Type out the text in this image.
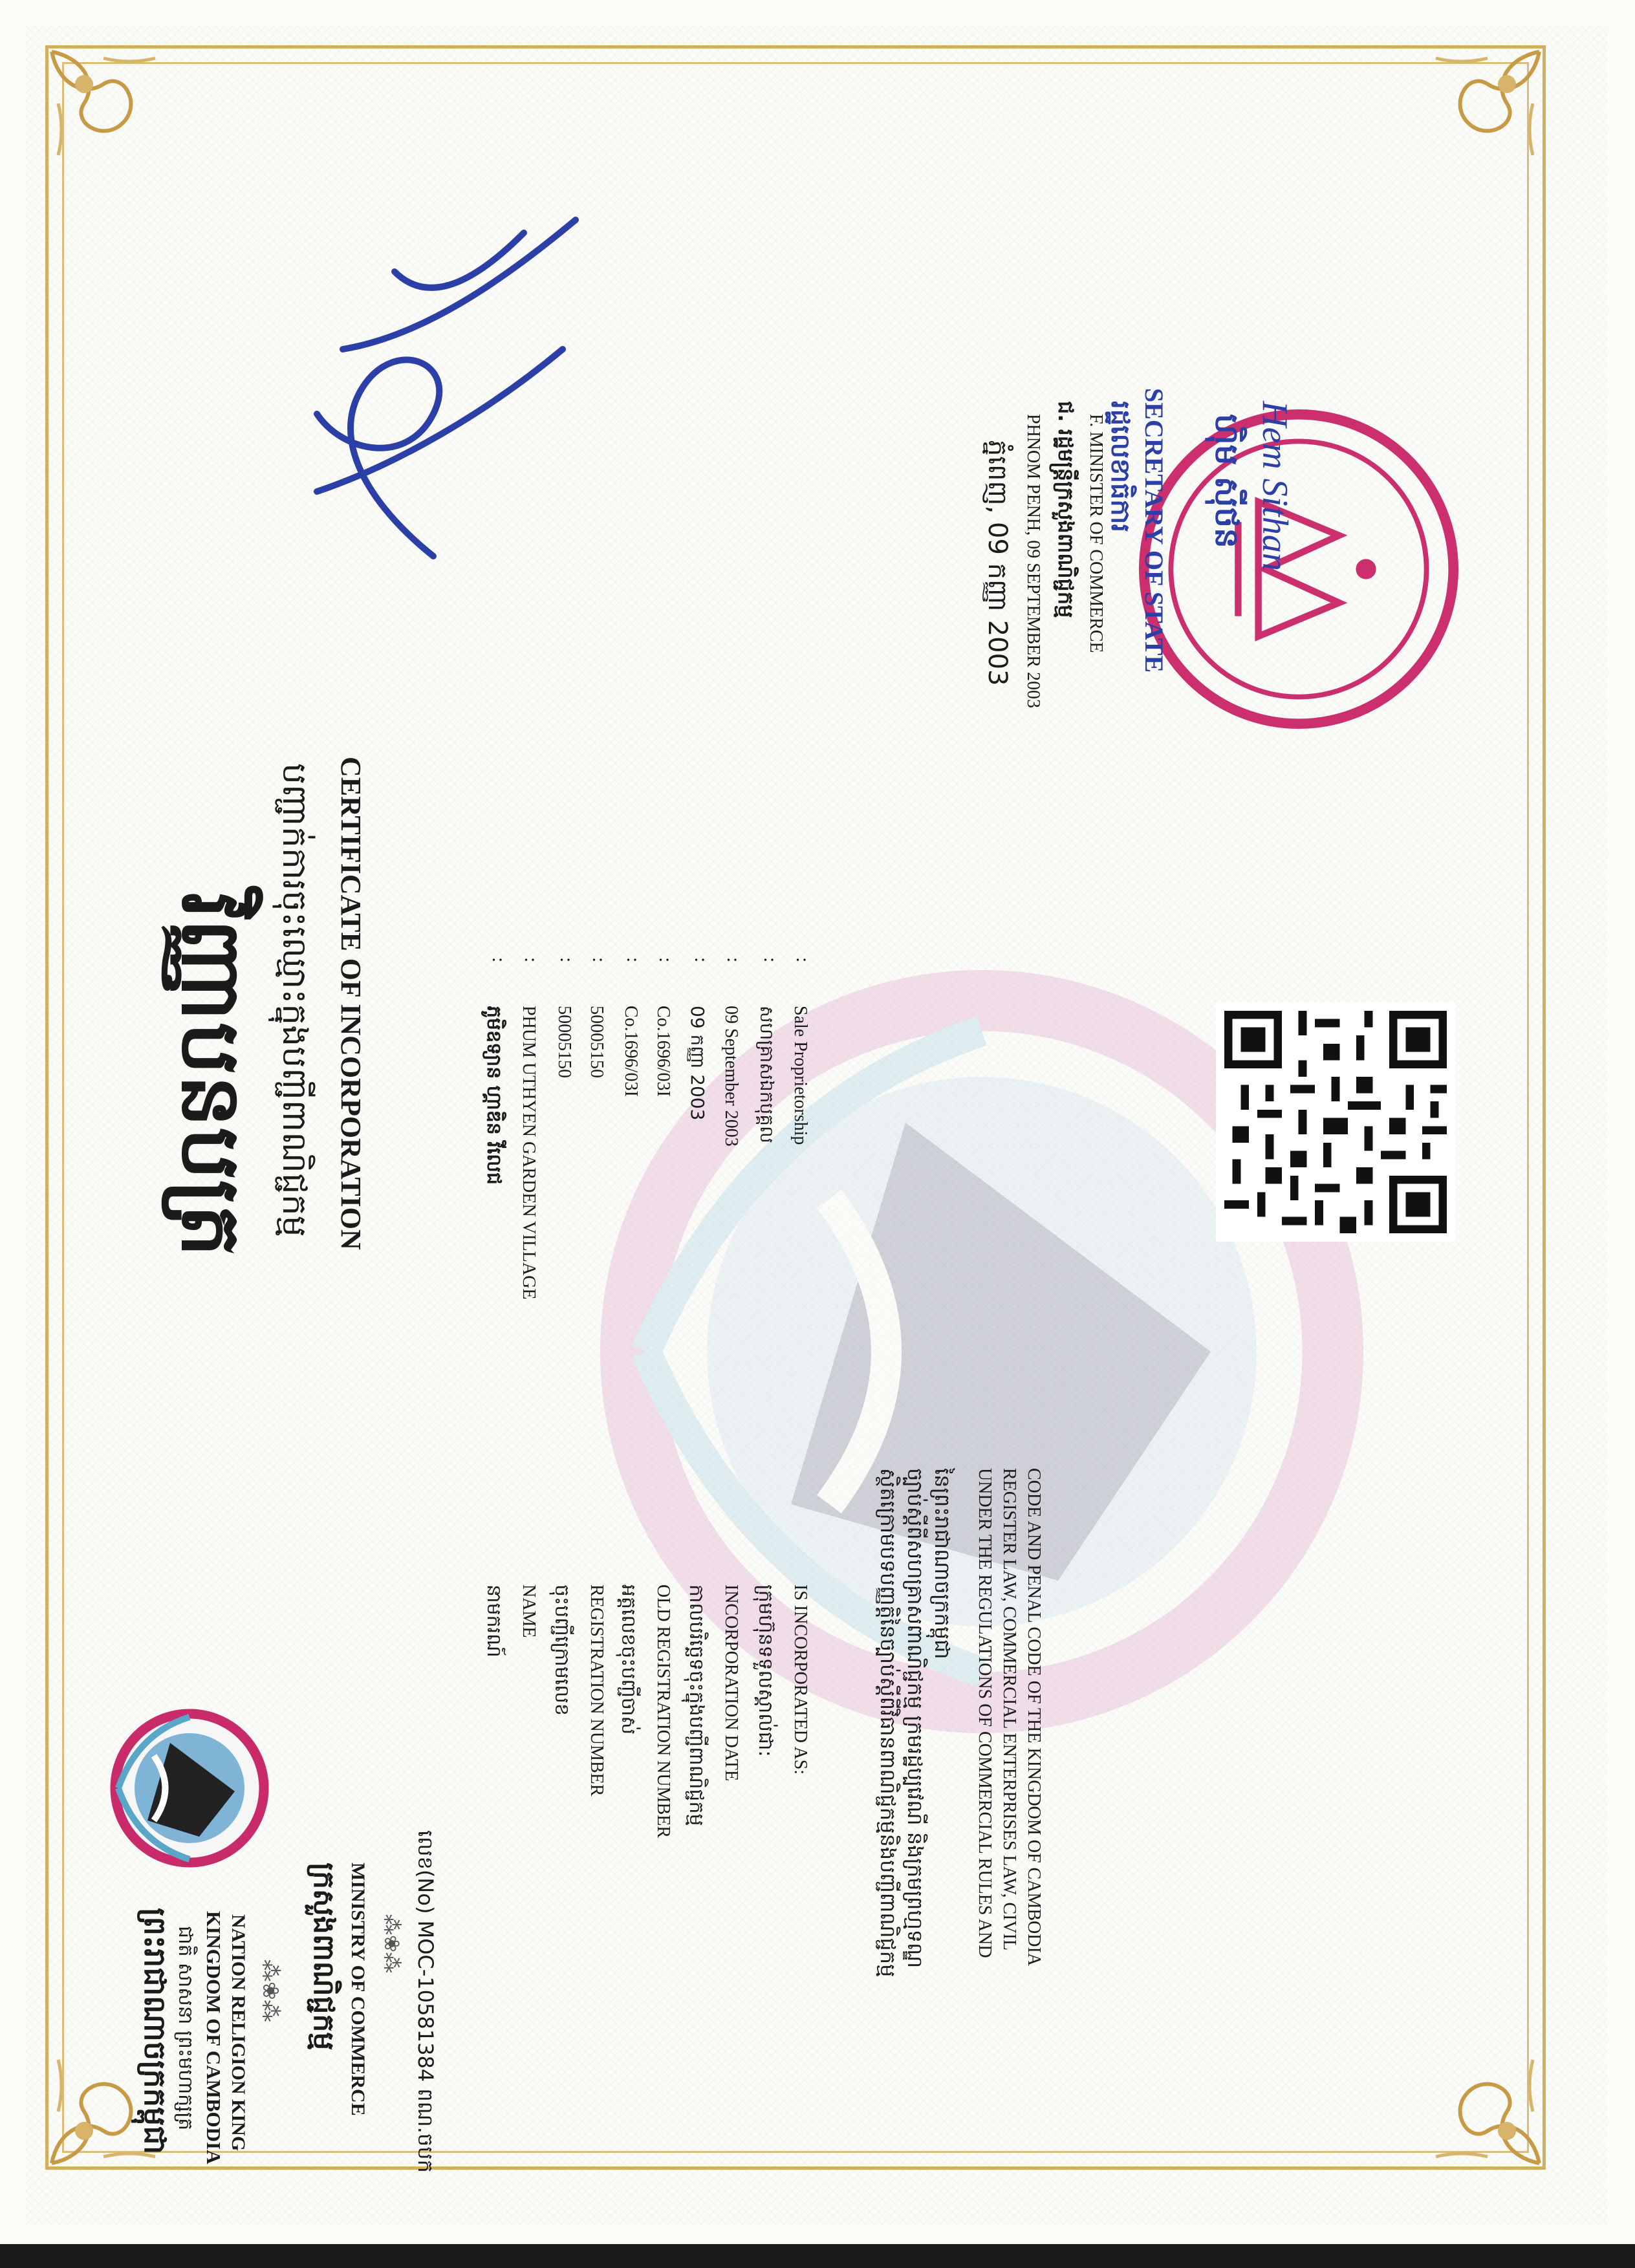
ព្រះរាជាណាចក្រកម្ពុជា ជាតិ សាសនា ព្រះមហាក្សត្រ KINGDOM OF CAMBODIA NATION RELIGION KING ⁂❀⁂
វិញ្ញាបនបត្រ បញ្ជាក់ការចុះឈ្មោះក្នុងបញ្ជីពាណិជ្ជកម្ម CERTIFICATE OF INCORPORATION
ក្រសួងពាណិជ្ជកម្ម MINISTRY OF COMMERCE ⁂❀⁂ លេខ(No) MOC-10581384 ពណ.ចបក
នាមករណ៍ NAME ចុះបញ្ជីក្រោមលេខ REGISTRATION NUMBER អត្តលេខចុះបញ្ជីចាស់ OLD REGISTRATION NUMBER កាលបរិច្ឆេទចុះក្នុងបញ្ជីពាណិជ្ជកម្ម INCORPORATION DATE ក្រុមហ៊ុនទទួលស្គាល់ជា: IS INCORPORATED AS:
: : : : : : : : : :
ភូមិឧទ្យាន ហ្គាឌិន វីលេជ PHUM UTHYEN GARDEN VILLAGE 50005150 50005150 Co.1696/03I Co.1696/03I 09 កញ្ញា 2003 09 September 2003 សហគ្រាសឯកបុគ្គល Sale Proprietorship
ស្ថិតក្រោមបទបញ្ញត្តិនៃច្បាប់ស្ដីពីវិធានពាណិជ្ជកម្មនិងបញ្ជីពាណិជ្ជកម្ម ច្បាប់ស្ដីពីសហគ្រាសពាណិជ្ជកម្ម ក្រមរដ្ឋប្បវេណី និងក្រមព្រហ្មទណ្ឌ នៃព្រះរាជាណាចក្រកម្ពុជា UNDER THE REGULATIONS OF COMMERCIAL RULES AND REGISTER LAW, COMMERCIAL ENTERPRISES LAW, CIVIL CODE AND PENAL CODE OF THE KINGDOM OF CAMBODIA
ភ្នំពេញ, 09 កញ្ញា 2003 PHNOM PENH, 09 SEPTEMBER 2003 ជ. រដ្ឋមន្ត្រីក្រសួងពាណិជ្ជកម្ម F. MINISTER OF COMMERCE រដ្ឋលេខាធិការ SECRETARY OF STATE ហ៊ិម ស៊ីថន Hem Sithan
